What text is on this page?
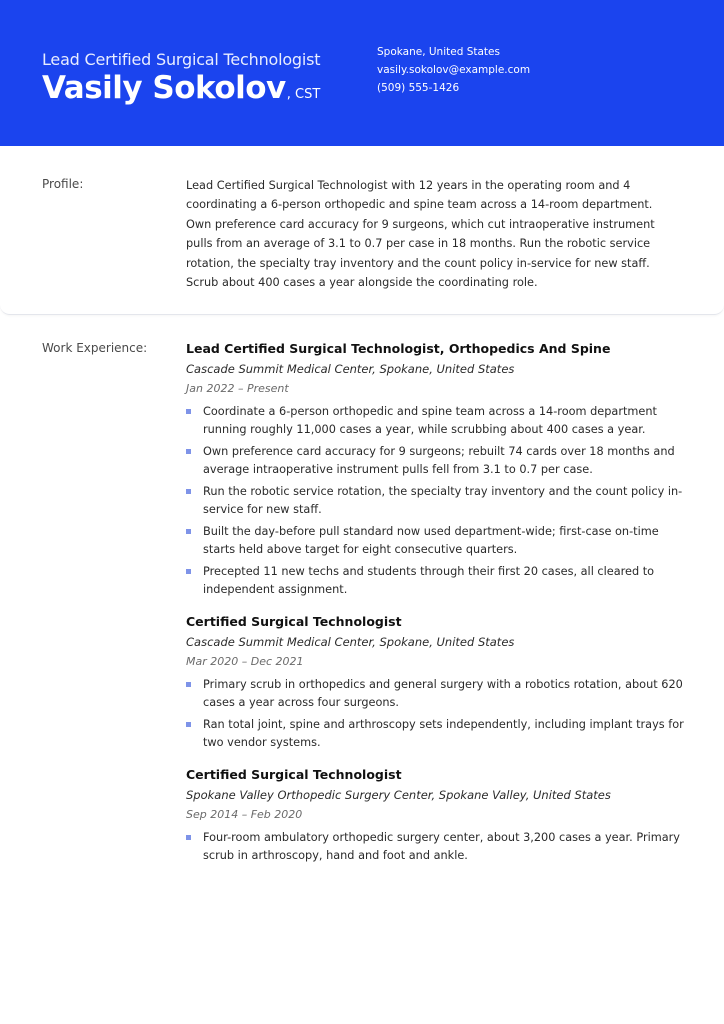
Lead Certified Surgical Technologist
Vasily Sokolov, CST
Spokane, United States
vasily.sokolov@example.com
(509) 555-1426
Profile:	Lead Certified Surgical Technologist with 12 years in the operating room and 4 coordinating a 6-person orthopedic and spine team across a 14-room department. Own preference card accuracy for 9 surgeons, which cut intraoperative instrument pulls from an average of 3.1 to 0.7 per case in 18 months. Run the robotic service rotation, the specialty tray inventory and the count policy in-service for new staff. Scrub about 400 cases a year alongside the coordinating role.
Work Experience:	Lead Certified Surgical Technologist, Orthopedics And Spine
Cascade Summit Medical Center, Spokane, United States
Jan 2022 – Present
Coordinate a 6-person orthopedic and spine team across a 14-room department running roughly 11,000 cases a year, while scrubbing about 400 cases a year.
Own preference card accuracy for 9 surgeons; rebuilt 74 cards over 18 months and average intraoperative instrument pulls fell from 3.1 to 0.7 per case.
Run the robotic service rotation, the specialty tray inventory and the count policy in-service for new staff.
Built the day-before pull standard now used department-wide; first-case on-time starts held above target for eight consecutive quarters.
Precepted 11 new techs and students through their first 20 cases, all cleared to independent assignment.
Certified Surgical Technologist
Cascade Summit Medical Center, Spokane, United States
Mar 2020 – Dec 2021
Primary scrub in orthopedics and general surgery with a robotics rotation, about 620 cases a year across four surgeons.
Ran total joint, spine and arthroscopy sets independently, including implant trays for two vendor systems.
Certified Surgical Technologist
Spokane Valley Orthopedic Surgery Center, Spokane Valley, United States
Sep 2014 – Feb 2020
Four-room ambulatory orthopedic surgery center, about 3,200 cases a year. Primary scrub in arthroscopy, hand and foot and ankle.
